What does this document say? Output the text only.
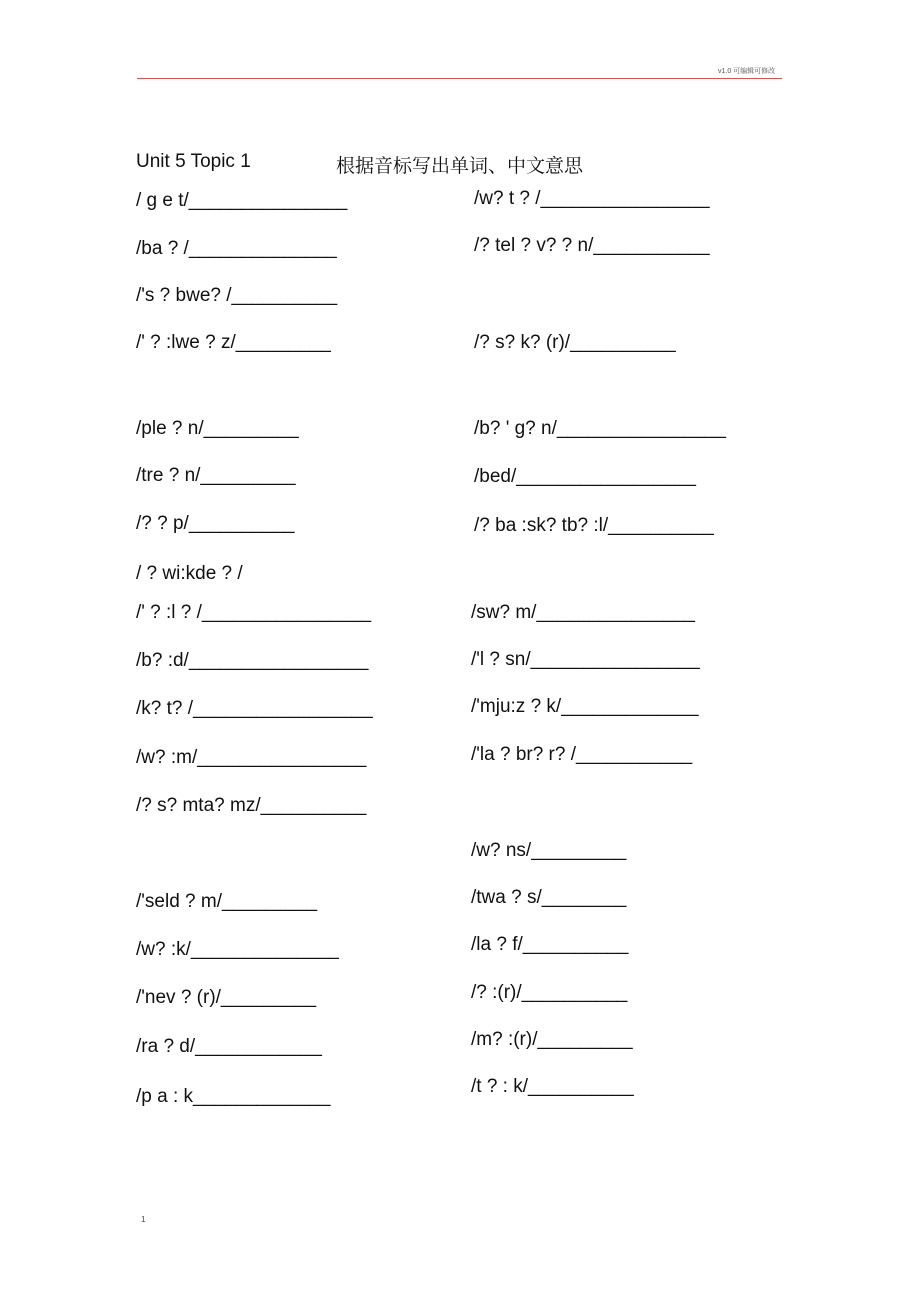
v1.0 可编辑可修改
Unit 5 Topic 1	根据音标写出单词、中文意思
/ g e t/_______________
/ba ? /______________
/'s ? bwe? /__________
/' ? :lwe ? z/_________
/ple ? n/_________
/tre ? n/_________
/? ? p/__________
/ ? wi:kde ? /
/' ? :l ? /________________
/b? :d/_________________
/k? t? /_________________
/w? :m/________________
/? s? mta? mz/__________
/'seld ? m/_________
/w? :k/______________
/'nev ? (r)/_________
/ra ? d/____________
/p a : k_____________
/w? t ? /________________
/? tel ? v? ? n/___________
/? s? k? (r)/__________
/b? ' g? n/________________
/bed/_________________
/? ba :sk? tb? :l/__________
/sw? m/_______________
/'l ? sn/________________
/'mju:z ? k/_____________
/'la ? br? r? /___________
/w? ns/_________
/twa ? s/________
/la ? f/__________
/? :(r)/__________
/m? :(r)/_________
/t ? : k/__________
1
